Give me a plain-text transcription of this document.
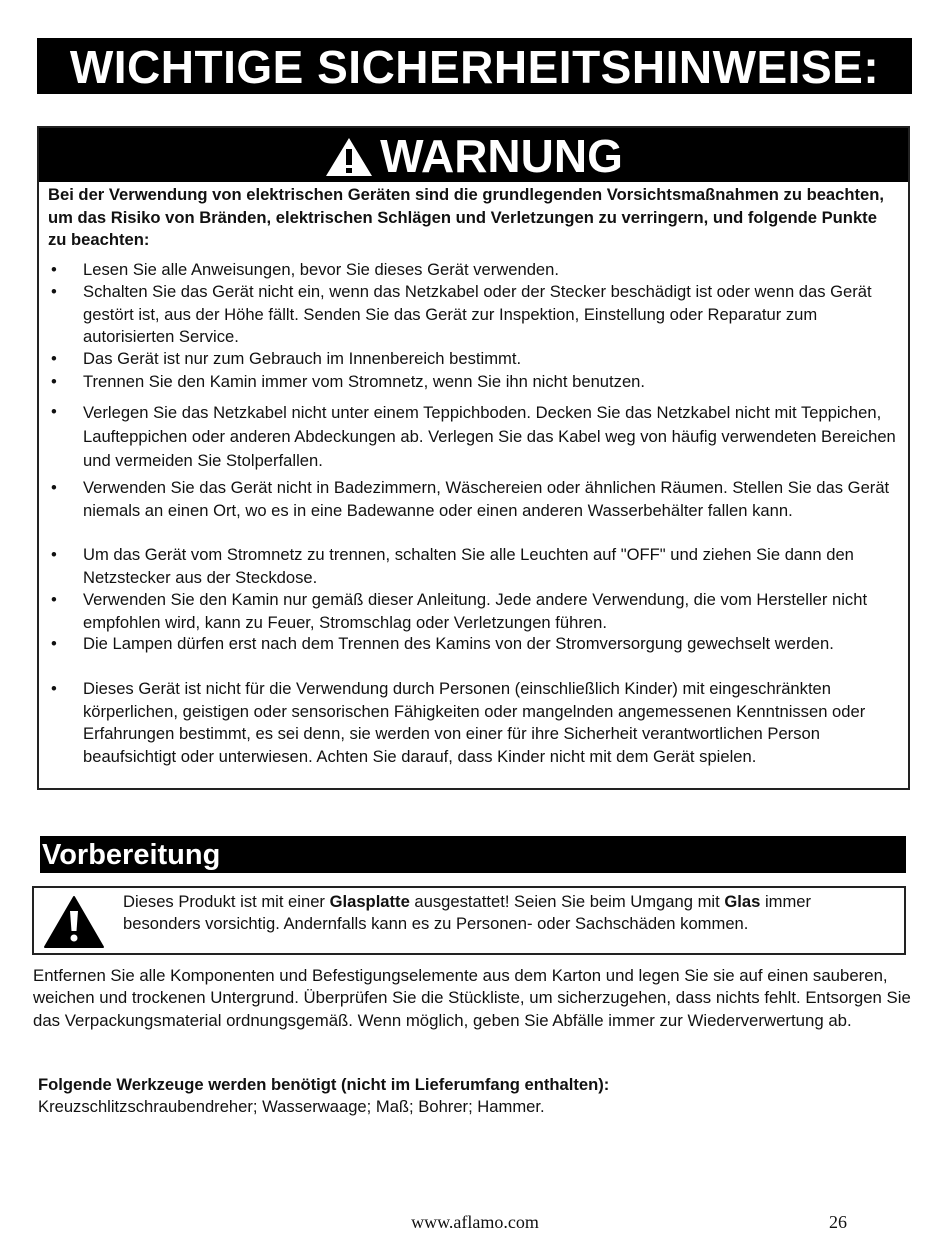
WICHTIGE SICHERHEITSHINWEISE:
WARNUNG
Bei der Verwendung von elektrischen Geräten sind die grundlegenden Vorsichtsmaßnahmen zu beachten, um das Risiko von Bränden, elektrischen Schlägen und Verletzungen zu verringern, und folgende Punkte zu beachten:
• Lesen Sie alle Anweisungen, bevor Sie dieses Gerät verwenden.
• Schalten Sie das Gerät nicht ein, wenn das Netzkabel oder der Stecker beschädigt ist oder wenn das Gerät gestört ist, aus der Höhe fällt. Senden Sie das Gerät zur Inspektion, Einstellung oder Reparatur zum autorisierten Service.
• Das Gerät ist nur zum Gebrauch im Innenbereich bestimmt.
• Trennen Sie den Kamin immer vom Stromnetz, wenn Sie ihn nicht benutzen.
• Verlegen Sie das Netzkabel nicht unter einem Teppichboden. Decken Sie das Netzkabel nicht mit Teppichen, Laufteppichen oder anderen Abdeckungen ab. Verlegen Sie das Kabel weg von häufig verwendeten Bereichen und vermeiden Sie Stolperfallen.
• Verwenden Sie das Gerät nicht in Badezimmern, Wäschereien oder ähnlichen Räumen. Stellen Sie das Gerät niemals an einen Ort, wo es in eine Badewanne oder einen anderen Wasserbehälter fallen kann.
• Um das Gerät vom Stromnetz zu trennen, schalten Sie alle Leuchten auf "OFF" und ziehen Sie dann den Netzstecker aus der Steckdose.
• Verwenden Sie den Kamin nur gemäß dieser Anleitung. Jede andere Verwendung, die vom Hersteller nicht empfohlen wird, kann zu Feuer, Stromschlag oder Verletzungen führen.
• Die Lampen dürfen erst nach dem Trennen des Kamins von der Stromversorgung gewechselt werden.
• Dieses Gerät ist nicht für die Verwendung durch Personen (einschließlich Kinder) mit eingeschränkten körperlichen, geistigen oder sensorischen Fähigkeiten oder mangelnden angemessenen Kenntnissen oder Erfahrungen bestimmt, es sei denn, sie werden von einer für ihre Sicherheit verantwortlichen Person beaufsichtigt oder unterwiesen. Achten Sie darauf, dass Kinder nicht mit dem Gerät spielen.
Vorbereitung
Dieses Produkt ist mit einer Glasplatte ausgestattet! Seien Sie beim Umgang mit Glas immer besonders vorsichtig. Andernfalls kann es zu Personen- oder Sachschäden kommen.
Entfernen Sie alle Komponenten und Befestigungselemente aus dem Karton und legen Sie sie auf einen sauberen, weichen und trockenen Untergrund. Überprüfen Sie die Stückliste, um sicherzugehen, dass nichts fehlt. Entsorgen Sie das Verpackungsmaterial ordnungsgemäß. Wenn möglich, geben Sie Abfälle immer zur Wiederverwertung ab.
Folgende Werkzeuge werden benötigt (nicht im Lieferumfang enthalten):
Kreuzschlitzschraubendreher; Wasserwaage; Maß; Bohrer; Hammer.
www.aflamo.com	26
